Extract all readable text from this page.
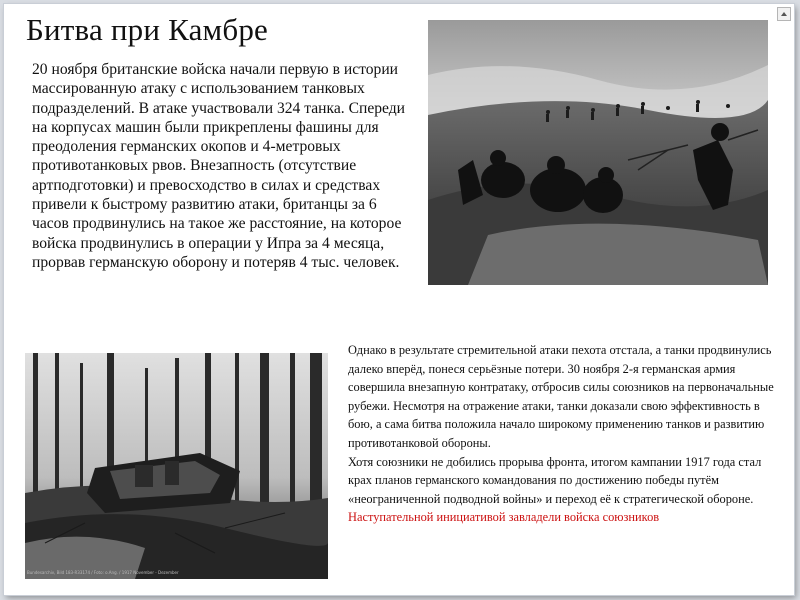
Битва при Камбре
20 ноября британские войска начали первую в истории массированную атаку с использованием танковых подразделений. В атаке участвовали 324 танка. Спереди на корпусах машин были прикреплены фашины для преодоления германских окопов и 4-метровых противотанковых рвов. Внезапность (отсутствие артподготовки) и превосходство в силах и средствах привели к быстрому развитию атаки, британцы за 6 часов продвинулись на такое же расстояние, на которое войска продвинулись в операции у Ипра за 4 месяца, прорвав германскую оборону и потеряв 4 тыс. человек.
Bundesarchiv, Bild 183-R33174 / Foto: o.Ang. / 1917 November - Dezember

Однако в результате стремительной атаки пехота отстала, а танки продвинулись далеко вперёд, понеся серьёзные потери. 30 ноября 2-я германская армия совершила внезапную контратаку, отбросив силы союзников на первоначальные рубежи. Несмотря на отражение атаки, танки доказали свою эффективность в бою, а сама битва положила начало широкому применению танков и развитию противотанковой обороны.

Хотя союзники не добились прорыва фронта, итогом кампании 1917 года стал крах планов германского командования по достижению победы путём «неограниченной подводной войны» и переход её к стратегической обороне.

Наступательной инициативой завладели войска союзников
